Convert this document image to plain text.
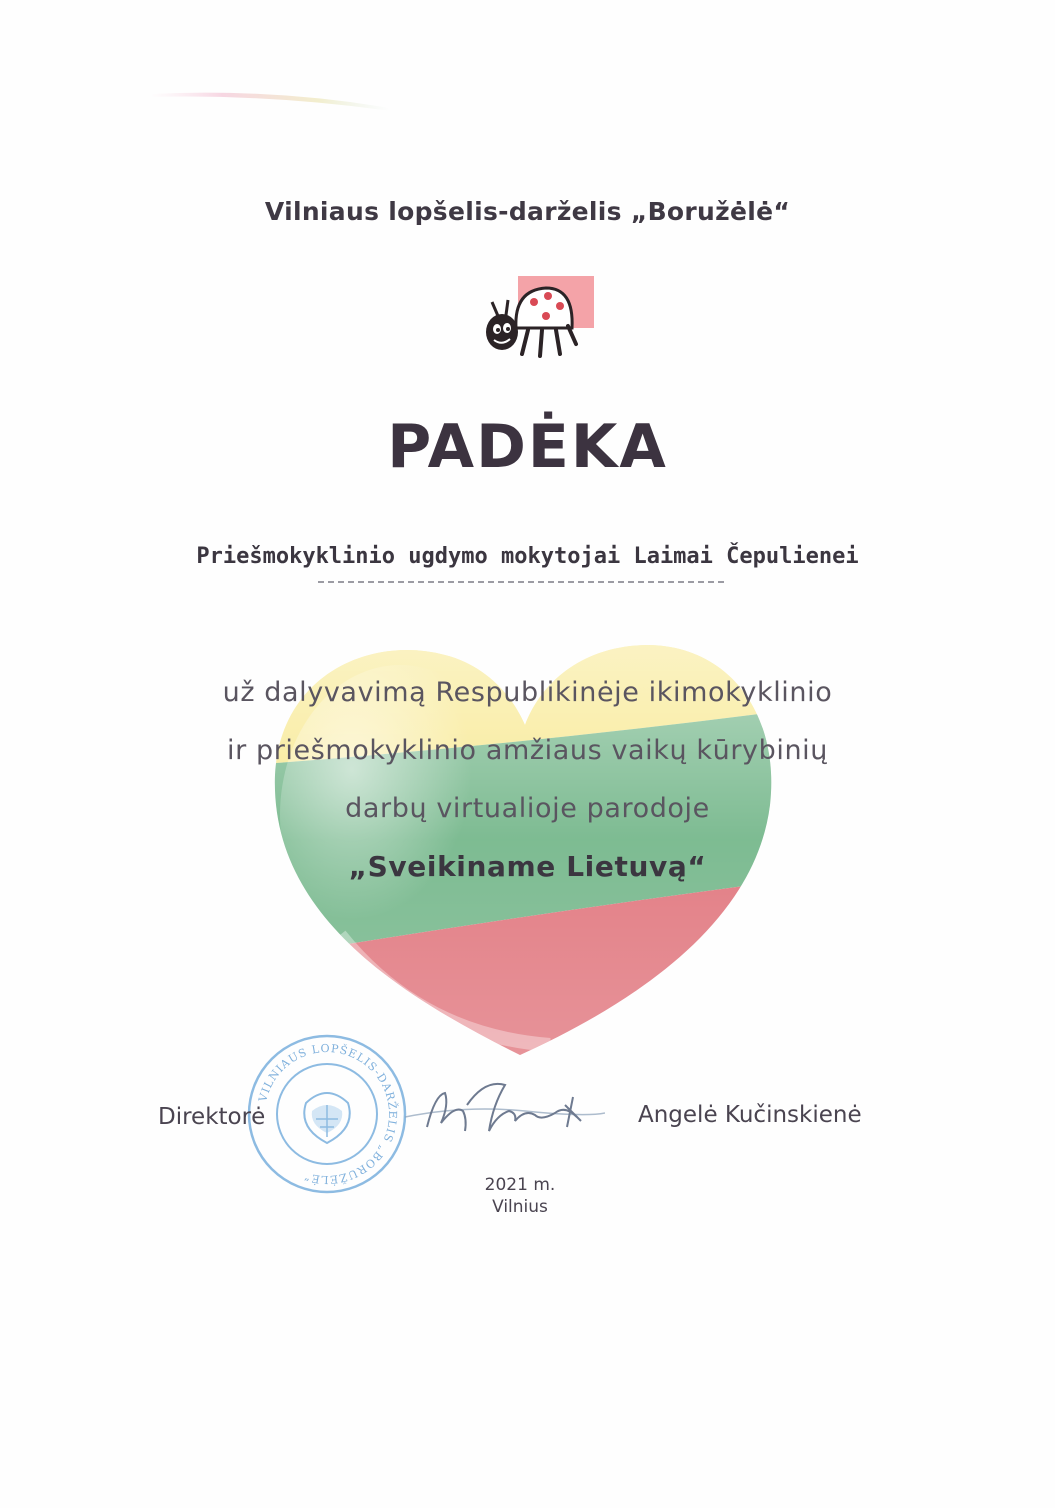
Vilniaus lopšelis-darželis „Boružėlė“
PADĖKA
Priešmokyklinio ugdymo mokytojai Laimai Čepulienei
už dalyvavimą Respublikinėje ikimokyklinio
ir priešmokyklinio amžiaus vaikų kūrybinių
darbų virtualioje parodoje
„Sveikiname Lietuvą“
VILNIAUS LOPŠELIS-DARŽELIS „BORUŽĖLĖ“
Direktorė	Angelė Kučinskienė
2021 m.
Vilnius
